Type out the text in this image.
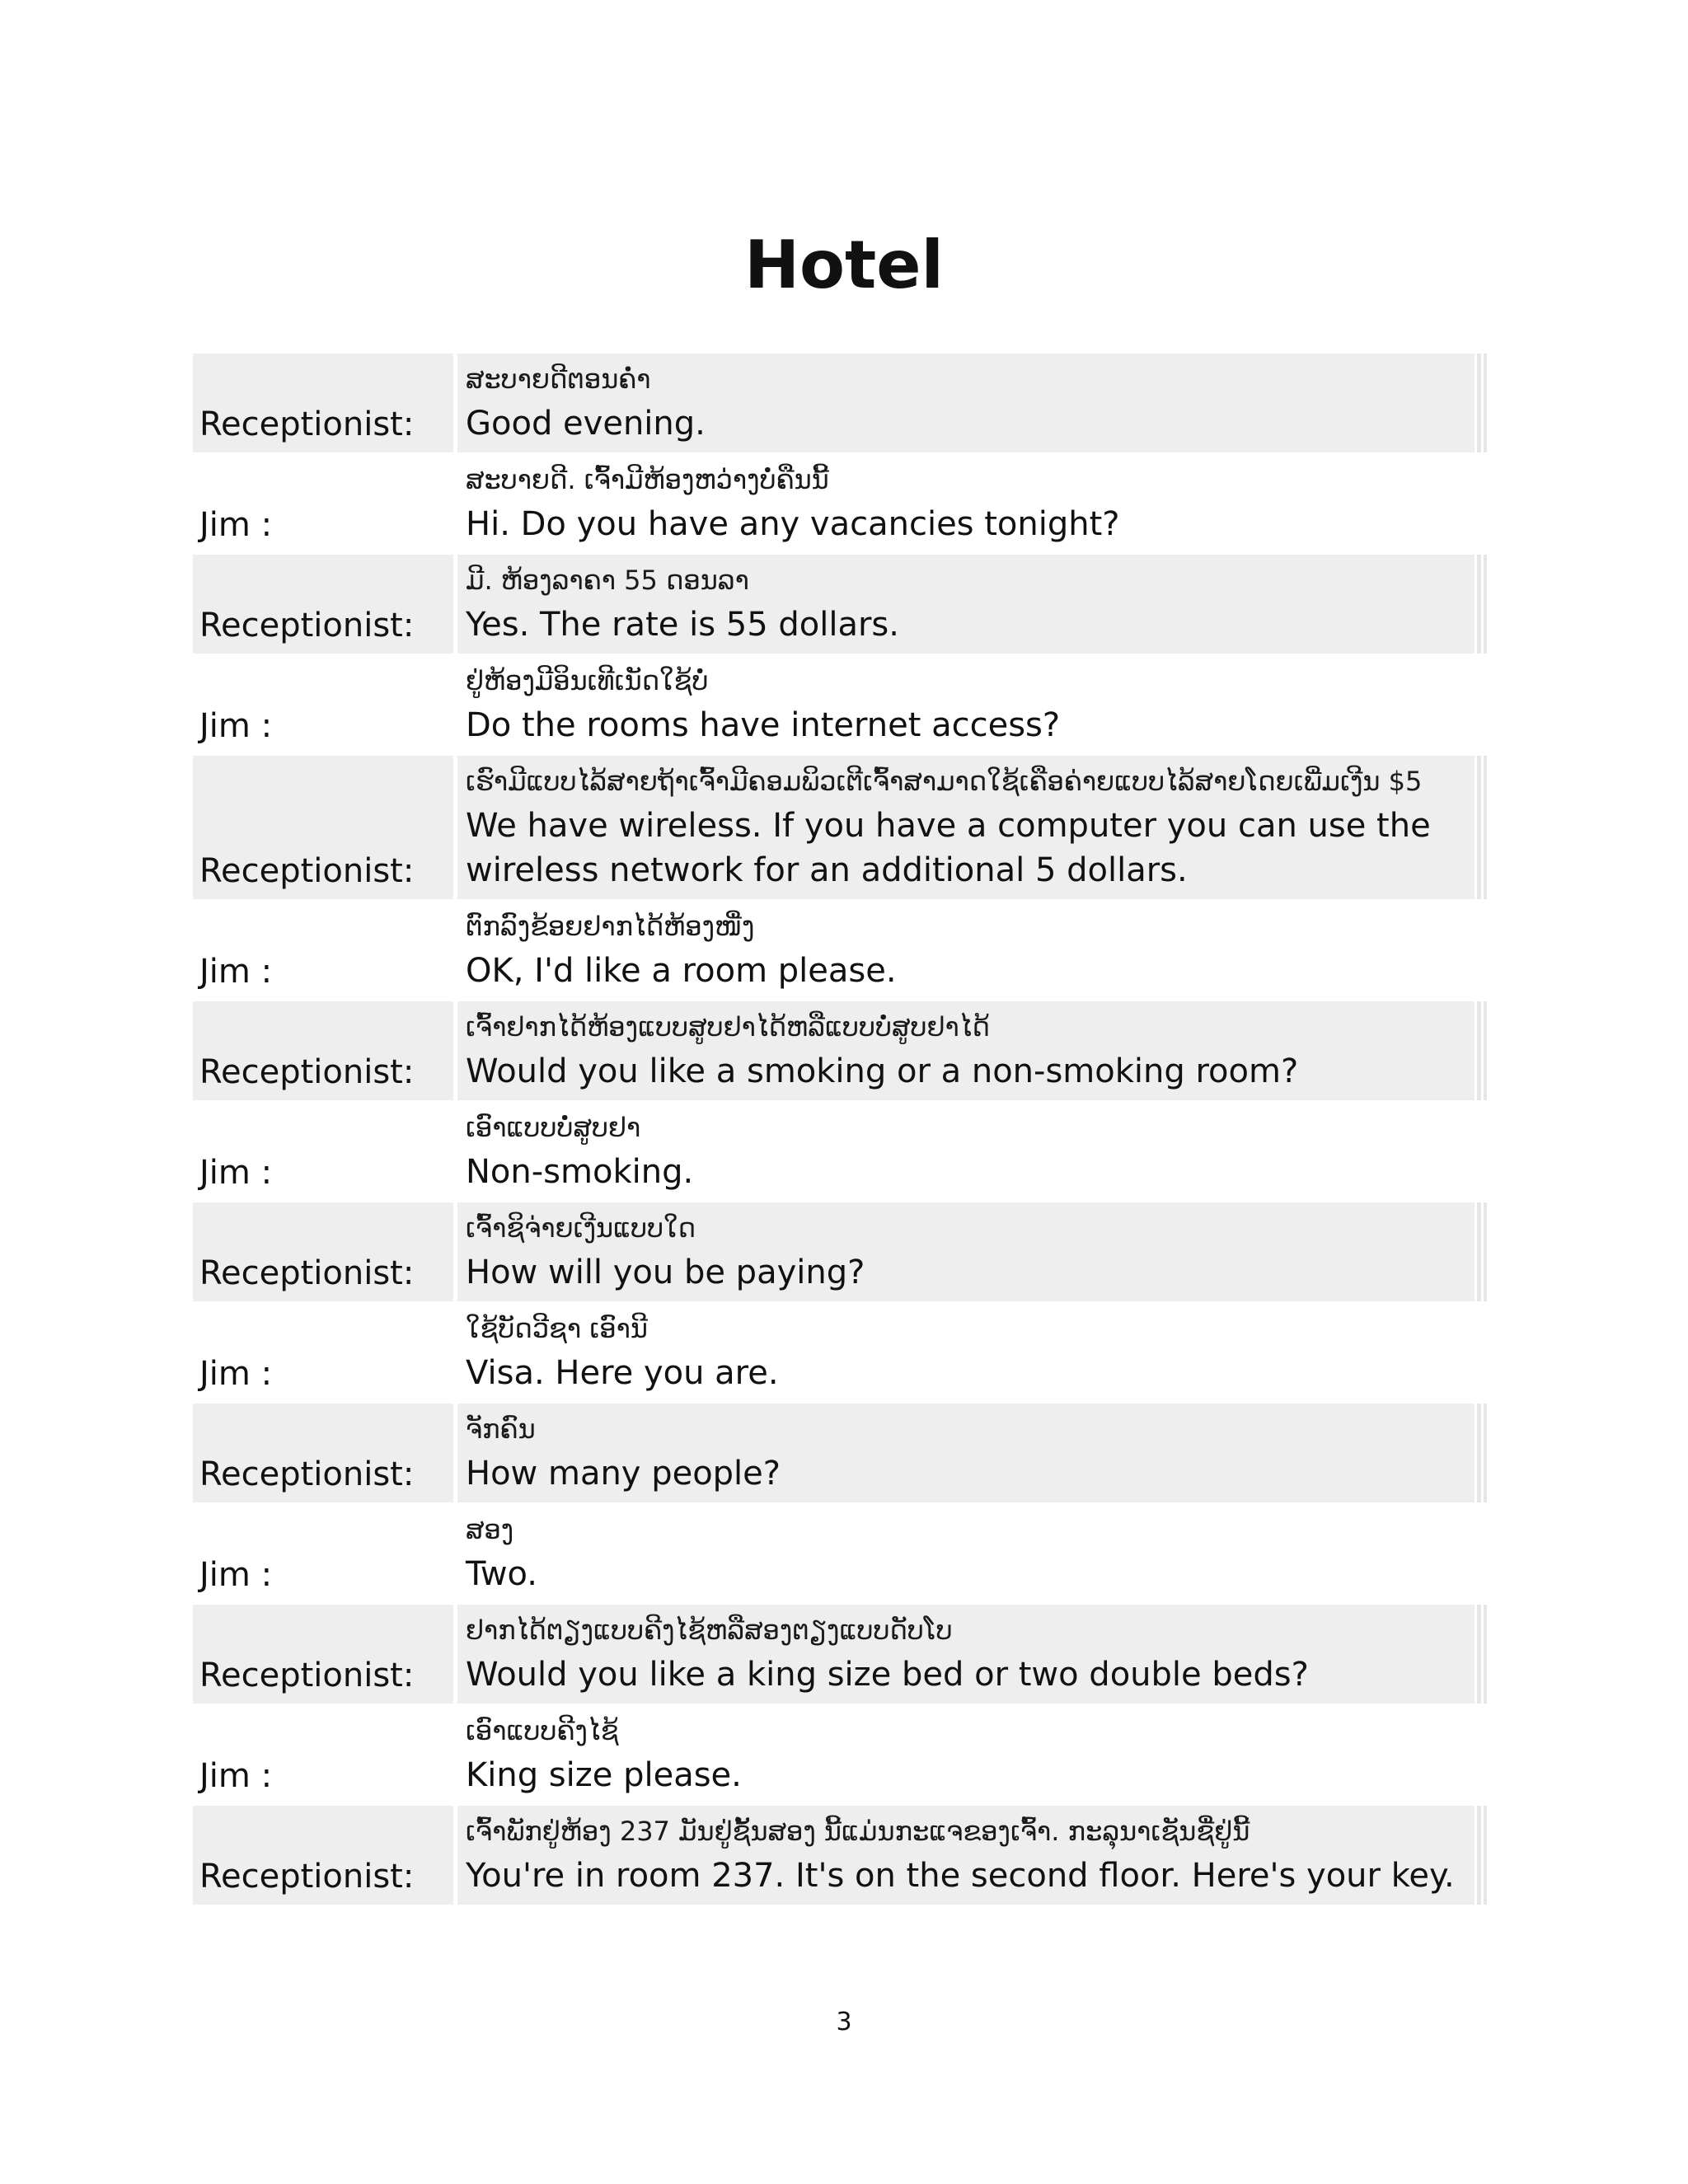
Hotel
Receptionist:
ສະບາຍດີຕອນຄ່ຳ
Good evening.
Jim :
ສະບາຍດີ. ເຈົ້າມີຫ້ອງຫວ່າງບໍ່ຄືນນີ້
Hi. Do you have any vacancies tonight?
Receptionist:
ມີ. ຫ້ອງລາຄາ 55 ດອນລາ
Yes. The rate is 55 dollars.
Jim :
ຢູ່ຫ້ອງມີອິນເທີເນັດໃຊ້ບໍ່
Do the rooms have internet access?
Receptionist:
ເຮົາມີແບບໄລ້ສາຍຖ້າເຈົ້າມີຄອມພິວເຕີເຈົ້າສາມາດໃຊ້ເຄືອຄ່າຍແບບໄລ້ສາຍໂດຍເພີ່ມເງີນ $5
We have wireless. If you have a computer you can use the wireless network for an additional 5 dollars.
Jim :
ຕົກລົງຂ້ອຍຢາກໄດ້ຫ້ອງໜື່ງ
OK, I'd like a room please.
Receptionist:
ເຈົ້າຢາກໄດ້ຫ້ອງແບບສູບຢາໄດ້ຫລືແບບບໍ່ສູບຢາໄດ້
Would you like a smoking or a non-smoking room?
Jim :
ເອົາແບບບໍ່ສູບຢາ
Non-smoking.
Receptionist:
ເຈົ້າຊິຈ່າຍເງີນແບບໃດ
How will you be paying?
Jim :
ໃຊ້ບັດວີຊາ ເອົານີ
Visa. Here you are.
Receptionist:
ຈັກຄົນ
How many people?
Jim :
ສອງ
Two.
Receptionist:
ຢາກໄດ້ຕຽງແບບຄີງໄຊ້ຫລືສອງຕຽງແບບດັບໂບ
Would you like a king size bed or two double beds?
Jim :
ເອົາແບບຄີງໄຊ້
King size please.
Receptionist:
ເຈົ້າພັກຢູ່ຫ້ອງ 237 ມັນຢູ່ຊັ້ນສອງ ນີ້ແມ່ນກະແຈຂອງເຈົ້າ. ກະລຸນາເຊັນຊື່ຢູ່ນີ້
You're in room 237. It's on the second floor. Here's your key.
3
